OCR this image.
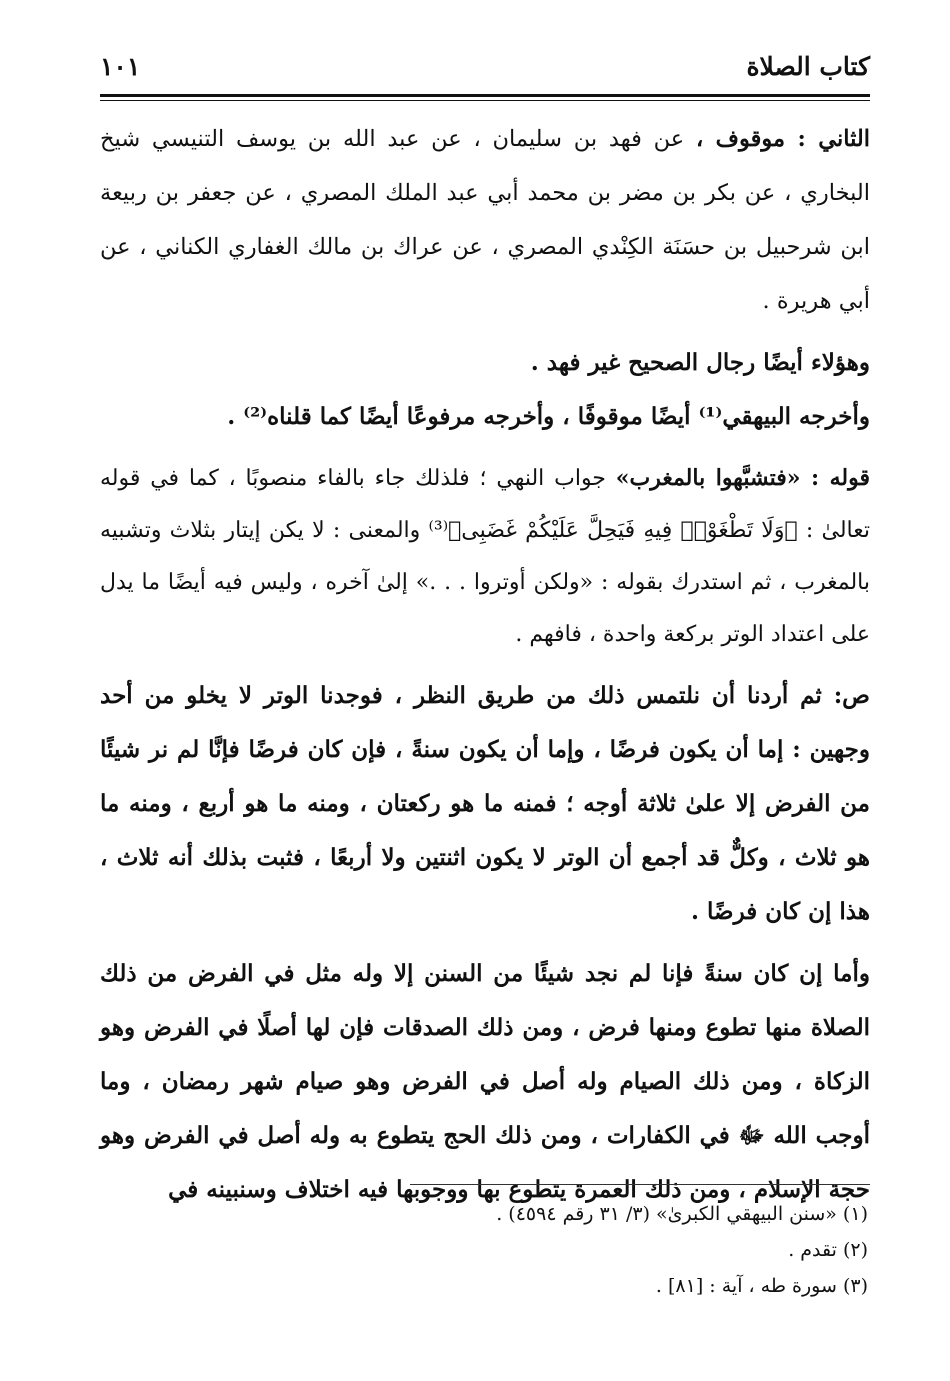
كتاب الصلاة
١٠١

الثاني : موقوف ، عن فهد بن سليمان ، عن عبد الله بن يوسف التنيسي شيخ البخاري ، عن بكر بن مضر بن محمد أبي عبد الملك المصري ، عن جعفر بن ربيعة ابن شرحبيل بن حسَنَة الكِنْدي المصري ، عن عراك بن مالك الغفاري الكناني ، عن أبي هريرة .

وهؤلاء أيضًا رجال الصحيح غير فهد .

وأخرجه البيهقي⁽¹⁾ أيضًا موقوفًا ، وأخرجه مرفوعًا أيضًا كما قلناه⁽²⁾ .

قوله : «فتشبَّهوا بالمغرب» جواب النهي ؛ فلذلك جاء بالفاء منصوبًا ، كما في قوله تعالىٰ : ﴿وَلَا تَطْغَوْا۟ فِيهِ فَيَحِلَّ عَلَيْكُمْ غَضَبِى﴾⁽³⁾ والمعنى : لا يكن إيتار بثلاث وتشبيه بالمغرب ، ثم استدرك بقوله : «ولكن أوتروا . . .» إلىٰ آخره ، وليس فيه أيضًا ما يدل على اعتداد الوتر بركعة واحدة ، فافهم .

ص: ثم أردنا أن نلتمس ذلك من طريق النظر ، فوجدنا الوتر لا يخلو من أحد وجهين : إما أن يكون فرضًا ، وإما أن يكون سنةً ، فإن كان فرضًا فإنَّا لم نر شيئًا من الفرض إلا علىٰ ثلاثة أوجه ؛ فمنه ما هو ركعتان ، ومنه ما هو أربع ، ومنه ما هو ثلاث ، وكلٌّ قد أجمع أن الوتر لا يكون اثنتين ولا أربعًا ، فثبت بذلك أنه ثلاث ، هذا إن كان فرضًا .

وأما إن كان سنةً فإنا لم نجد شيئًا من السنن إلا وله مثل في الفرض من ذلك الصلاة منها تطوع ومنها فرض ، ومن ذلك الصدقات فإن لها أصلًا في الفرض وهو الزكاة ، ومن ذلك الصيام وله أصل في الفرض وهو صيام شهر رمضان ، وما أوجب الله ﷻ في الكفارات ، ومن ذلك الحج يتطوع به وله أصل في الفرض وهو حجة الإسلام ، ومن ذلك العمرة يتطوع بها ووجوبها فيه اختلاف وسنبينه في

(١) «سنن البيهقي الكبرىٰ» (٣/ ٣١ رقم ٤٥٩٤) .
(٢) تقدم .
(٣) سورة طه ، آية : [٨١] .
